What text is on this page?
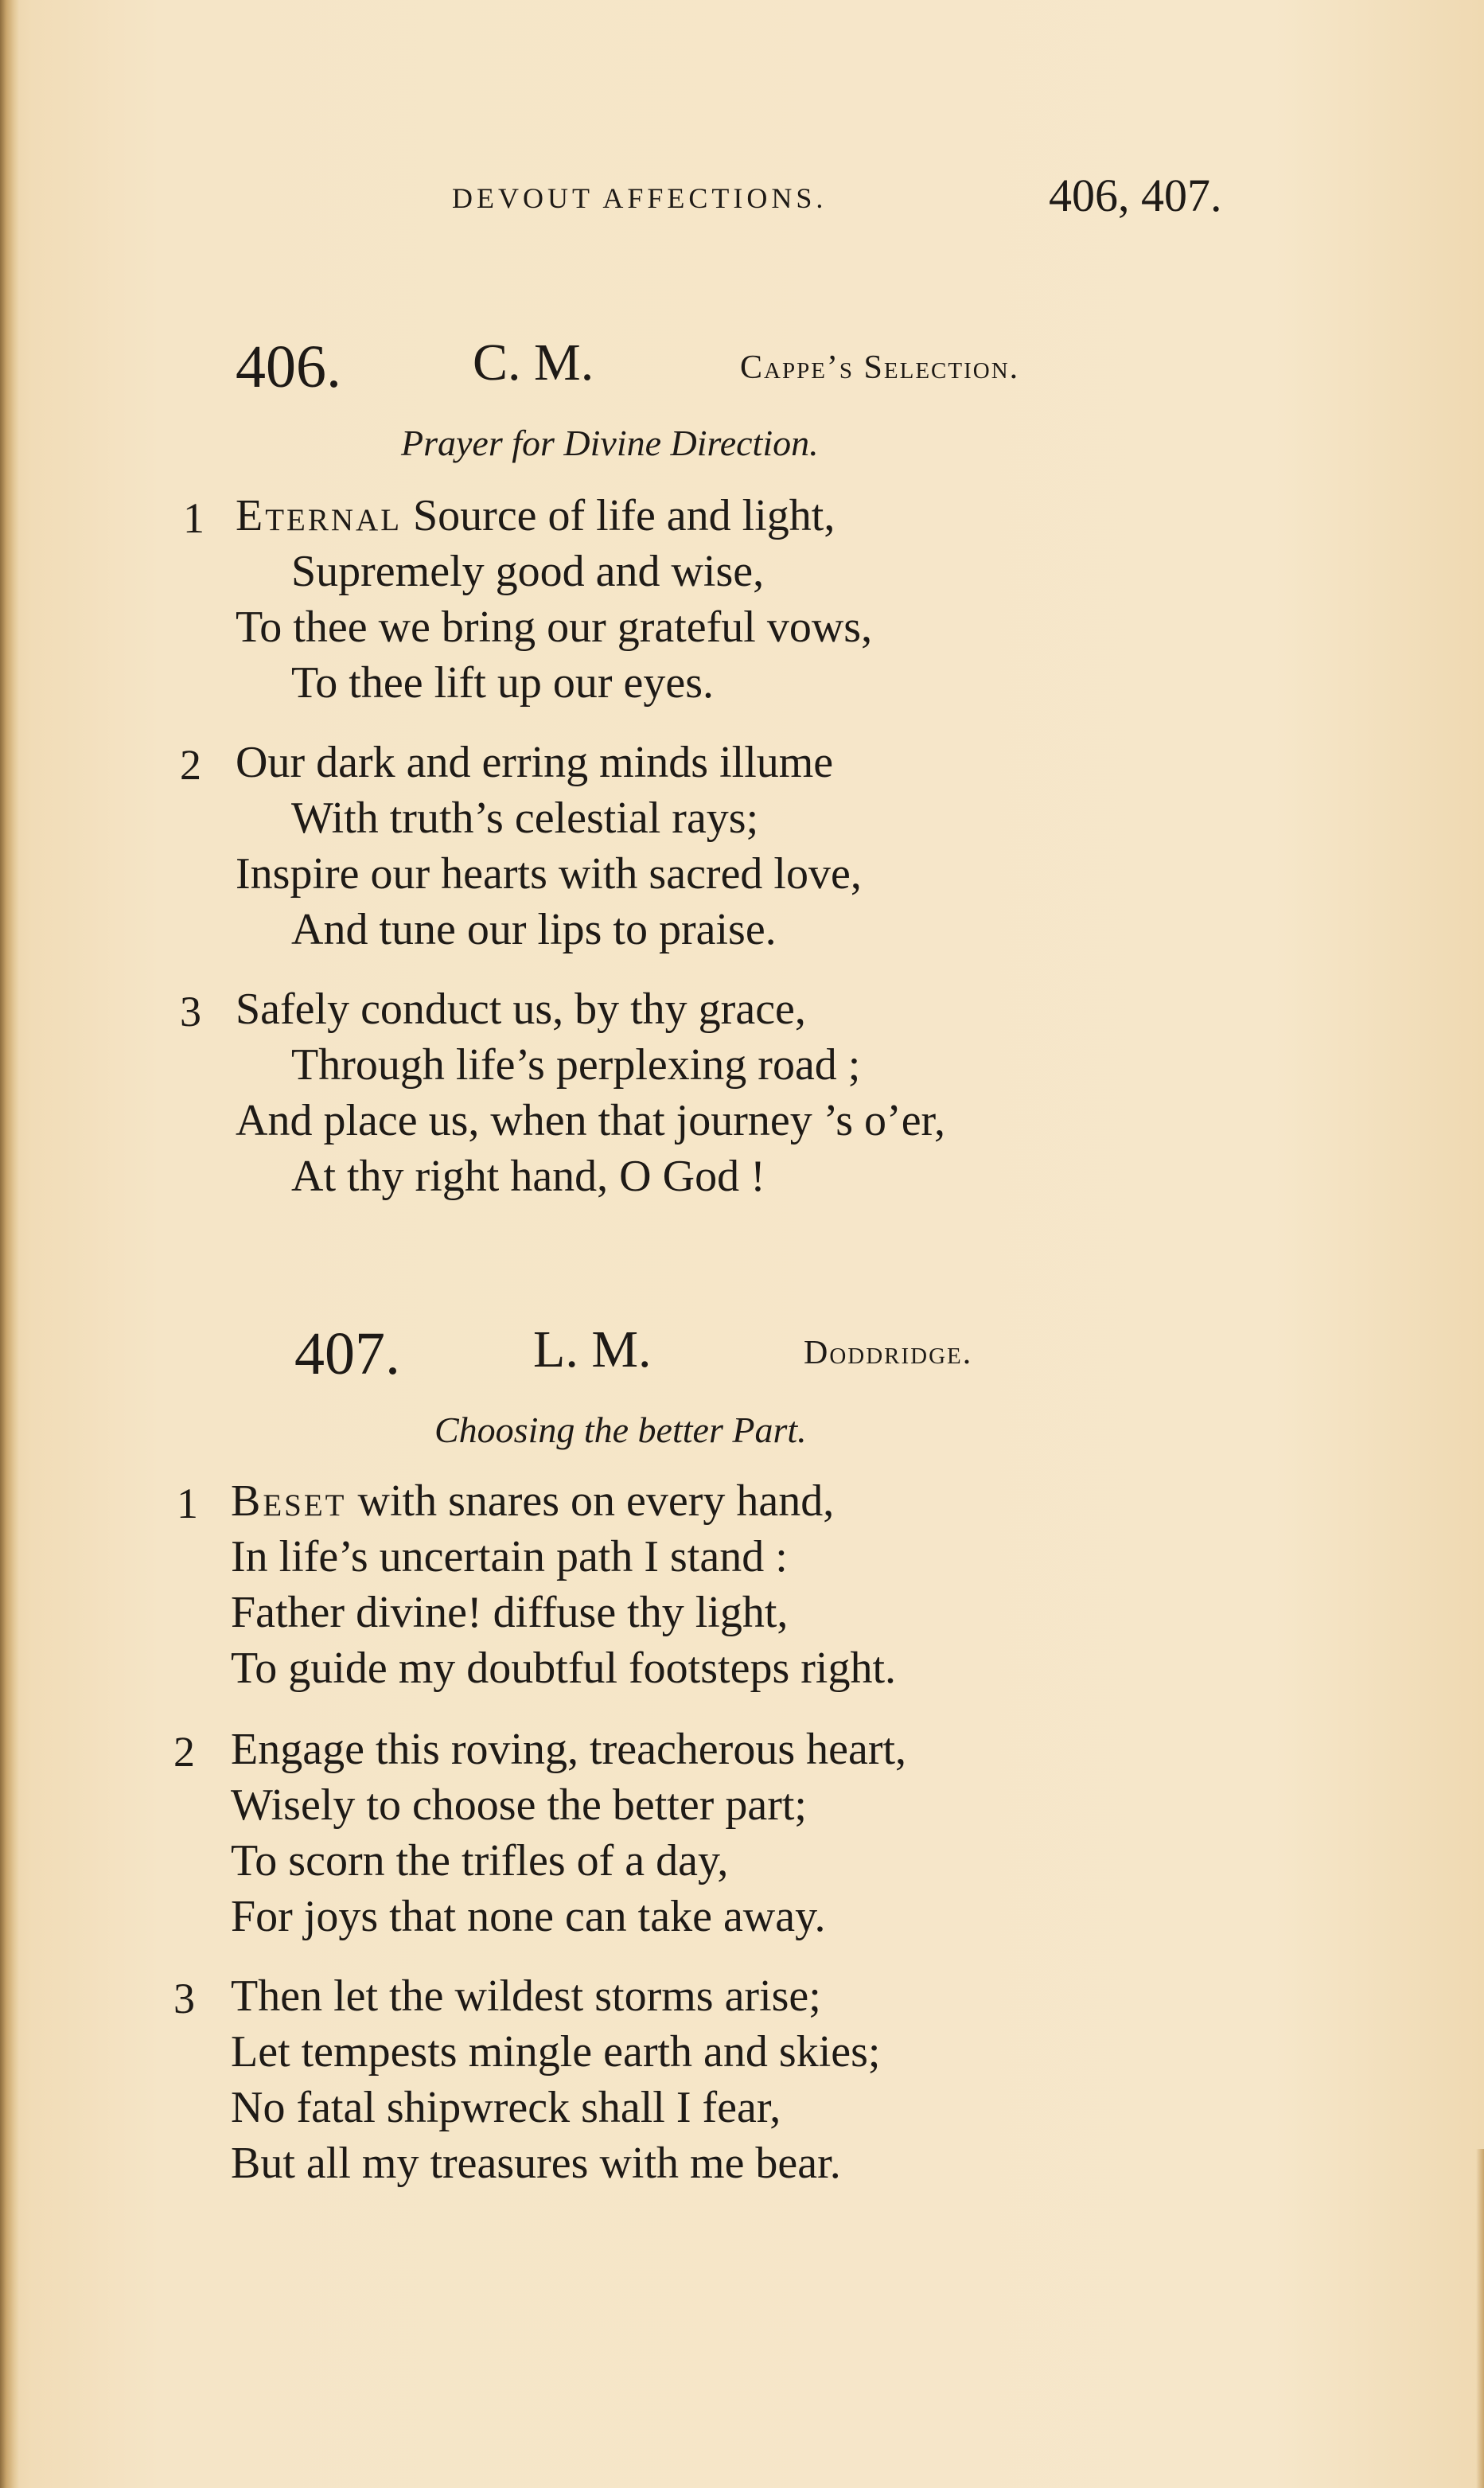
DEVOUT AFFECTIONS.	406, 407.
406.	C. M.	Cappe’s Selection.
Prayer for Divine Direction.
1 Eternal Source of life and light,
Supremely good and wise,
To thee we bring our grateful vows,
To thee lift up our eyes.
2 Our dark and erring minds illume
With truth’s celestial rays;
Inspire our hearts with sacred love,
And tune our lips to praise.
3 Safely conduct us, by thy grace,
Through life’s perplexing road ;
And place us, when that journey ’s o’er,
At thy right hand, O God !
407.	L. M.	Doddridge.
Choosing the better Part.
1 Beset with snares on every hand,
In life’s uncertain path I stand :
Father divine! diffuse thy light,
To guide my doubtful footsteps right.
2 Engage this roving, treacherous heart,
Wisely to choose the better part;
To scorn the trifles of a day,
For joys that none can take away.
3 Then let the wildest storms arise;
Let tempests mingle earth and skies;
No fatal shipwreck shall I fear,
But all my treasures with me bear.
